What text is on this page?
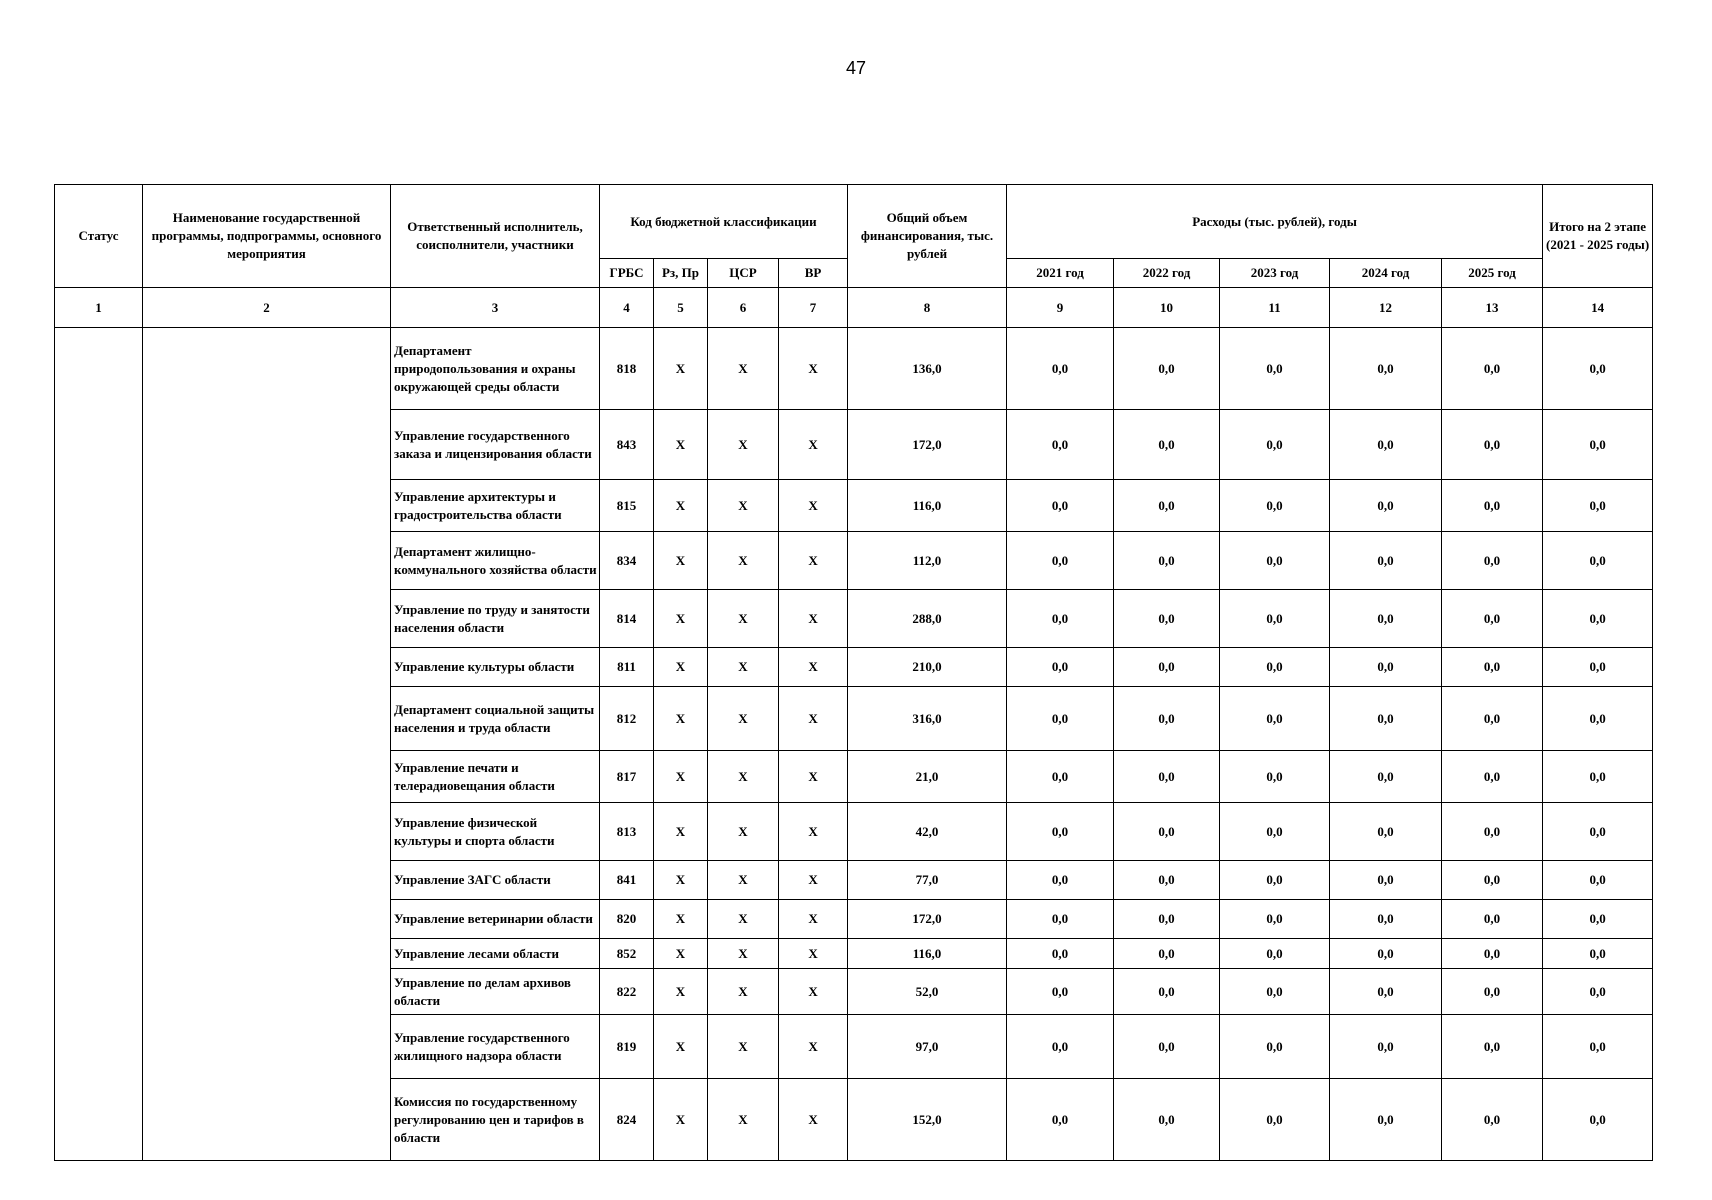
47
Статус	Наименование государственной программы, подпрограммы, основного мероприятия	Ответственный исполнитель, соисполнители, участники	Код бюджетной классификации				Общий объем финансирования, тыс. рублей	Расходы (тыс. рублей), годы					Итого на 2 этапе (2021 - 2025 годы)
			ГРБС	Рз, Пр	ЦСР	ВР		2021 год	2022 год	2023 год	2024 год	2025 год	
1	2	3	4	5	6	7	8	9	10	11	12	13	14
		Департамент природопользования и охраны окружающей среды области	818	Х	Х	Х	136,0	0,0	0,0	0,0	0,0	0,0	0,0
		Управление государственного заказа и лицензирования области	843	Х	Х	Х	172,0	0,0	0,0	0,0	0,0	0,0	0,0
		Управление архитектуры и градостроительства области	815	Х	Х	Х	116,0	0,0	0,0	0,0	0,0	0,0	0,0
		Департамент жилищно-коммунального хозяйства области	834	Х	Х	Х	112,0	0,0	0,0	0,0	0,0	0,0	0,0
		Управление по труду и занятости населения области	814	Х	Х	Х	288,0	0,0	0,0	0,0	0,0	0,0	0,0
		Управление культуры области	811	Х	Х	Х	210,0	0,0	0,0	0,0	0,0	0,0	0,0
		Департамент социальной защиты населения и труда области	812	Х	Х	Х	316,0	0,0	0,0	0,0	0,0	0,0	0,0
		Управление печати и телерадиовещания области	817	Х	Х	Х	21,0	0,0	0,0	0,0	0,0	0,0	0,0
		Управление физической культуры и спорта области	813	Х	Х	Х	42,0	0,0	0,0	0,0	0,0	0,0	0,0
		Управление ЗАГС области	841	Х	Х	Х	77,0	0,0	0,0	0,0	0,0	0,0	0,0
		Управление ветеринарии области	820	Х	Х	Х	172,0	0,0	0,0	0,0	0,0	0,0	0,0
		Управление лесами области	852	Х	Х	Х	116,0	0,0	0,0	0,0	0,0	0,0	0,0
		Управление по делам архивов области	822	Х	Х	Х	52,0	0,0	0,0	0,0	0,0	0,0	0,0
		Управление государственного жилищного надзора области	819	Х	Х	Х	97,0	0,0	0,0	0,0	0,0	0,0	0,0
		Комиссия по государственному регулированию цен и тарифов в области	824	Х	Х	Х	152,0	0,0	0,0	0,0	0,0	0,0	0,0
